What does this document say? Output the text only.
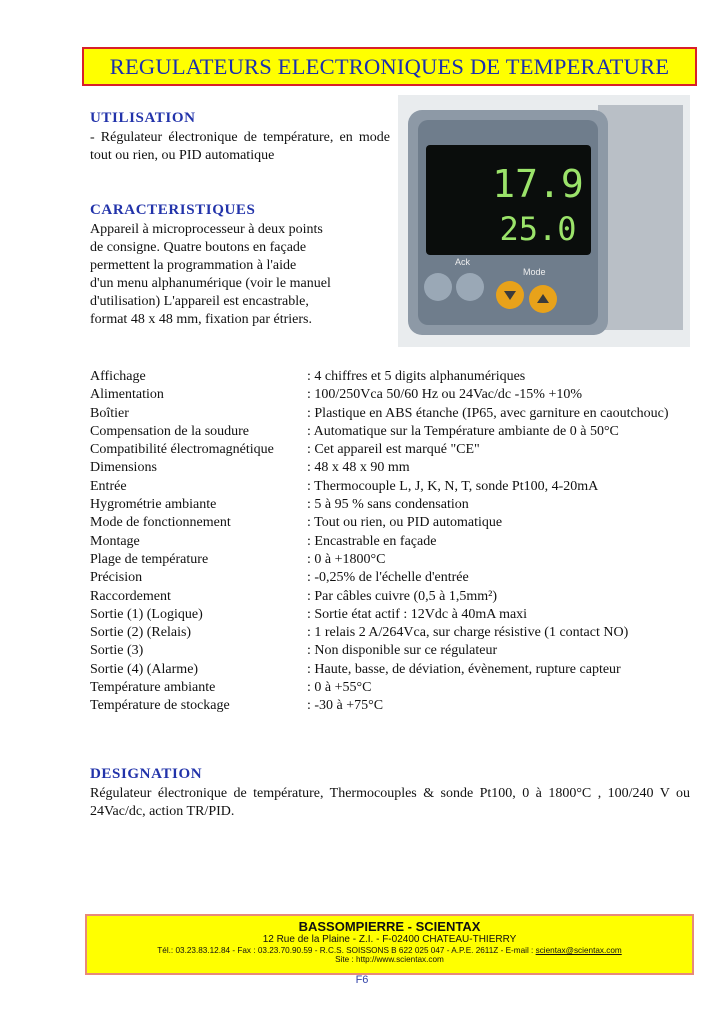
REGULATEURS ELECTRONIQUES DE TEMPERATURE
UTILISATION
- Régulateur électronique de température, en mode tout ou rien, ou PID automatique
CARACTERISTIQUES
Appareil à microprocesseur à deux points
de consigne. Quatre boutons en façade
permettent la programmation à l'aide
d'un menu alphanumérique (voir le manuel
d'utilisation) L'appareil est encastrable,
format 48 x 48 mm, fixation par étriers.
17.9
25.0
Ack
Mode
Affichage	: 4 chiffres et 5 digits alphanumériques
Alimentation	: 100/250Vca 50/60 Hz ou 24Vac/dc -15% +10%
Boîtier	: Plastique en ABS étanche (IP65, avec garniture en caoutchouc)
Compensation de la soudure	: Automatique sur la Température ambiante de 0 à 50°C
Compatibilité électromagnétique	: Cet appareil est marqué "CE"
Dimensions	: 48 x 48 x 90 mm
Entrée	: Thermocouple L, J, K, N, T, sonde Pt100, 4-20mA
Hygrométrie ambiante	: 5 à 95 % sans condensation
Mode de fonctionnement	: Tout ou rien, ou PID automatique
Montage	: Encastrable en façade
Plage de température	: 0 à +1800°C
Précision	: -0,25% de l'échelle d'entrée
Raccordement	: Par câbles cuivre (0,5 à 1,5mm²)
Sortie (1) (Logique)	: Sortie état actif : 12Vdc à 40mA maxi
Sortie (2) (Relais)	: 1 relais 2 A/264Vca, sur charge résistive (1 contact NO)
Sortie (3)	: Non disponible sur ce régulateur
Sortie (4) (Alarme)	: Haute, basse, de déviation, évènement, rupture capteur
Température ambiante	: 0 à +55°C
Température de stockage	: -30 à +75°C
DESIGNATION
Régulateur électronique de température, Thermocouples & sonde Pt100, 0 à 1800°C , 100/240 V ou 24Vac/dc, action TR/PID.
BASSOMPIERRE - SCIENTAX
12 Rue de la Plaine - Z.I. - F-02400 CHATEAU-THIERRY
Tél.: 03.23.83.12.84 - Fax : 03.23.70.90.59 - R.C.S. SOISSONS B 622 025 047 - A.P.E. 2611Z - E-mail : scientax@scientax.com
Site : http://www.scientax.com
F6
